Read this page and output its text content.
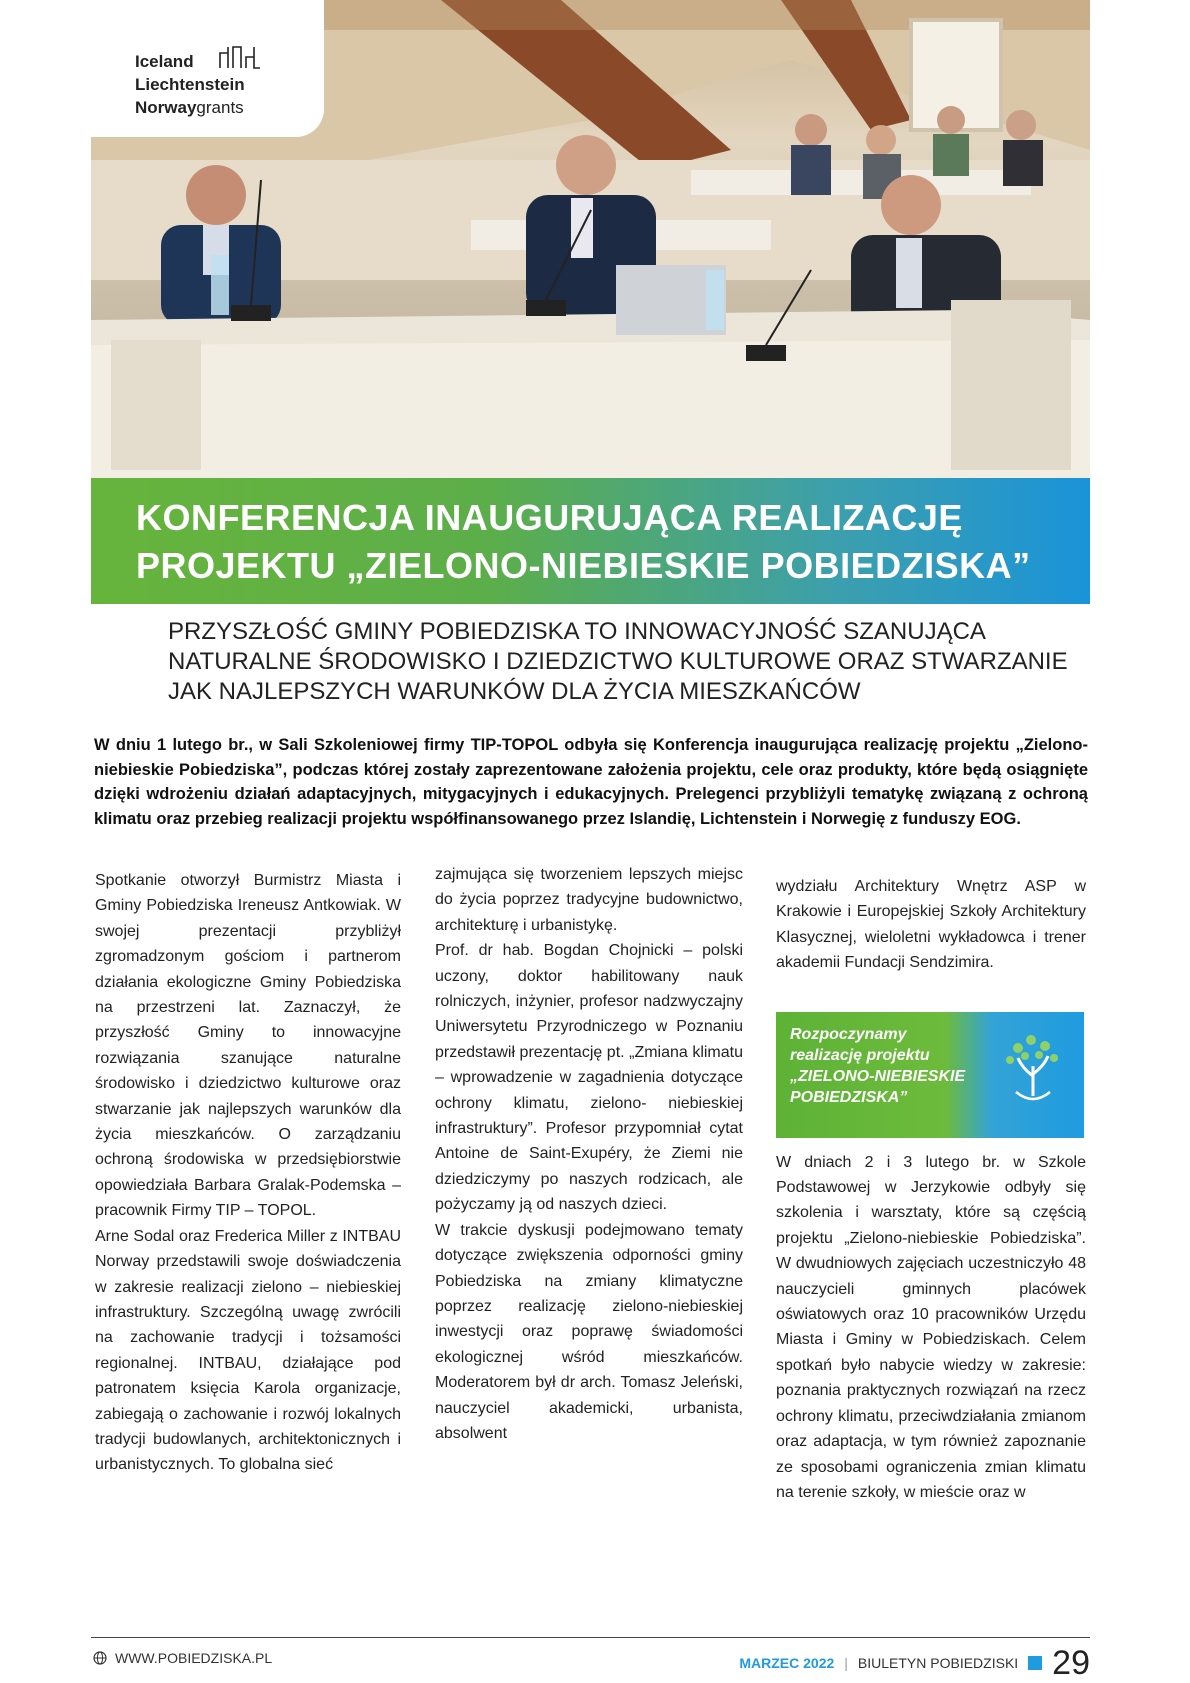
Iceland
Liechtenstein
Norwaygrants
KONFERENCJA INAUGURUJĄCA REALIZACJĘ
PROJEKTU „ZIELONO-NIEBIESKIE POBIEDZISKA”
PRZYSZŁOŚĆ GMINY POBIEDZISKA TO INNOWACYJNOŚĆ SZANUJĄCA
NATURALNE ŚRODOWISKO I DZIEDZICTWO KULTUROWE ORAZ STWARZANIE
JAK NAJLEPSZYCH WARUNKÓW DLA ŻYCIA MIESZKAŃCÓW

W dniu 1 lutego br., w Sali Szkoleniowej firmy TIP-TOPOL odbyła się Konferencja inaugurująca realizację projektu „Zielono-niebieskie Pobiedziska”, podczas której zostały zaprezentowane założenia projektu, cele oraz produkty, które będą osiągnięte dzięki wdrożeniu działań adaptacyjnych, mitygacyjnych i edukacyjnych. Prelegenci przybliżyli tematykę związaną z ochroną klimatu oraz przebieg realizacji projektu współfinansowanego przez Islandię, Lichtenstein i Norwegię z funduszy EOG.

Spotkanie otworzył Burmistrz Miasta i Gminy Pobiedziska Ireneusz Antkowiak. W swojej prezentacji przybliżył zgromadzonym gościom i partnerom działania ekologiczne Gminy Pobiedziska na przestrzeni lat. Zaznaczył, że przyszłość Gminy to innowacyjne rozwiązania szanujące naturalne środowisko i dziedzictwo kulturowe oraz stwarzanie jak najlepszych warunków dla życia mieszkańców. O zarządzaniu ochroną środowiska w przedsiębiorstwie opowiedziała Barbara Gralak-Podemska – pracownik Firmy TIP – TOPOL.

Arne Sodal oraz Frederica Miller z INTBAU Norway przedstawili swoje doświadczenia w zakresie realizacji zielono – niebieskiej infrastruktury. Szczególną uwagę zwrócili na zachowanie tradycji i tożsamości regionalnej. INTBAU, działające pod patronatem księcia Karola organizacje, zabiegają o zachowanie i rozwój lokalnych tradycji budowlanych, architektonicznych i urbanistycznych. To globalna sieć

zajmująca się tworzeniem lepszych miejsc do życia poprzez tradycyjne budownictwo, architekturę i urbanistykę.

Prof. dr hab. Bogdan Chojnicki – polski uczony, doktor habilitowany nauk rolniczych, inżynier, profesor nadzwyczajny Uniwersytetu Przyrodniczego w Poznaniu przedstawił prezentację pt. „Zmiana klimatu – wprowadzenie w zagadnienia dotyczące ochrony klimatu, zielono- niebieskiej infrastruktury”. Profesor przypomniał cytat Antoine de Saint-Exupéry, że Ziemi nie dziedziczymy po naszych rodzicach, ale pożyczamy ją od naszych dzieci.

W trakcie dyskusji podejmowano tematy dotyczące zwiększenia odporności gminy Pobiedziska na zmiany klimatyczne poprzez realizację zielono-niebieskiej inwestycji oraz poprawę świadomości ekologicznej wśród mieszkańców. Moderatorem był dr arch. Tomasz Jeleński, nauczyciel akademicki, urbanista, absolwent

wydziału Architektury Wnętrz ASP w Krakowie i Europejskiej Szkoły Architektury Klasycznej, wieloletni wykładowca i trener akademii Fundacji Sendzimira.

Rozpoczynamy
realizację projektu
„ZIELONO-NIEBIESKIE
POBIEDZISKA”

W dniach 2 i 3 lutego br. w Szkole Podstawowej w Jerzykowie odbyły się szkolenia i warsztaty, które są częścią projektu „Zielono-niebieskie Pobiedziska”. W dwudniowych zajęciach uczestniczyło 48 nauczycieli gminnych placówek oświatowych oraz 10 pracowników Urzędu Miasta i Gminy w Pobiedziskach. Celem spotkań było nabycie wiedzy w zakresie: poznania praktycznych rozwiązań na rzecz ochrony klimatu, przeciwdziałania zmianom oraz adaptacja, w tym również zapoznanie ze sposobami ograniczenia zmian klimatu na terenie szkoły, w mieście oraz w

WWW.POBIEDZISKA.PL	MARZEC 2022 | BIULETYN POBIEDZISKI 29
